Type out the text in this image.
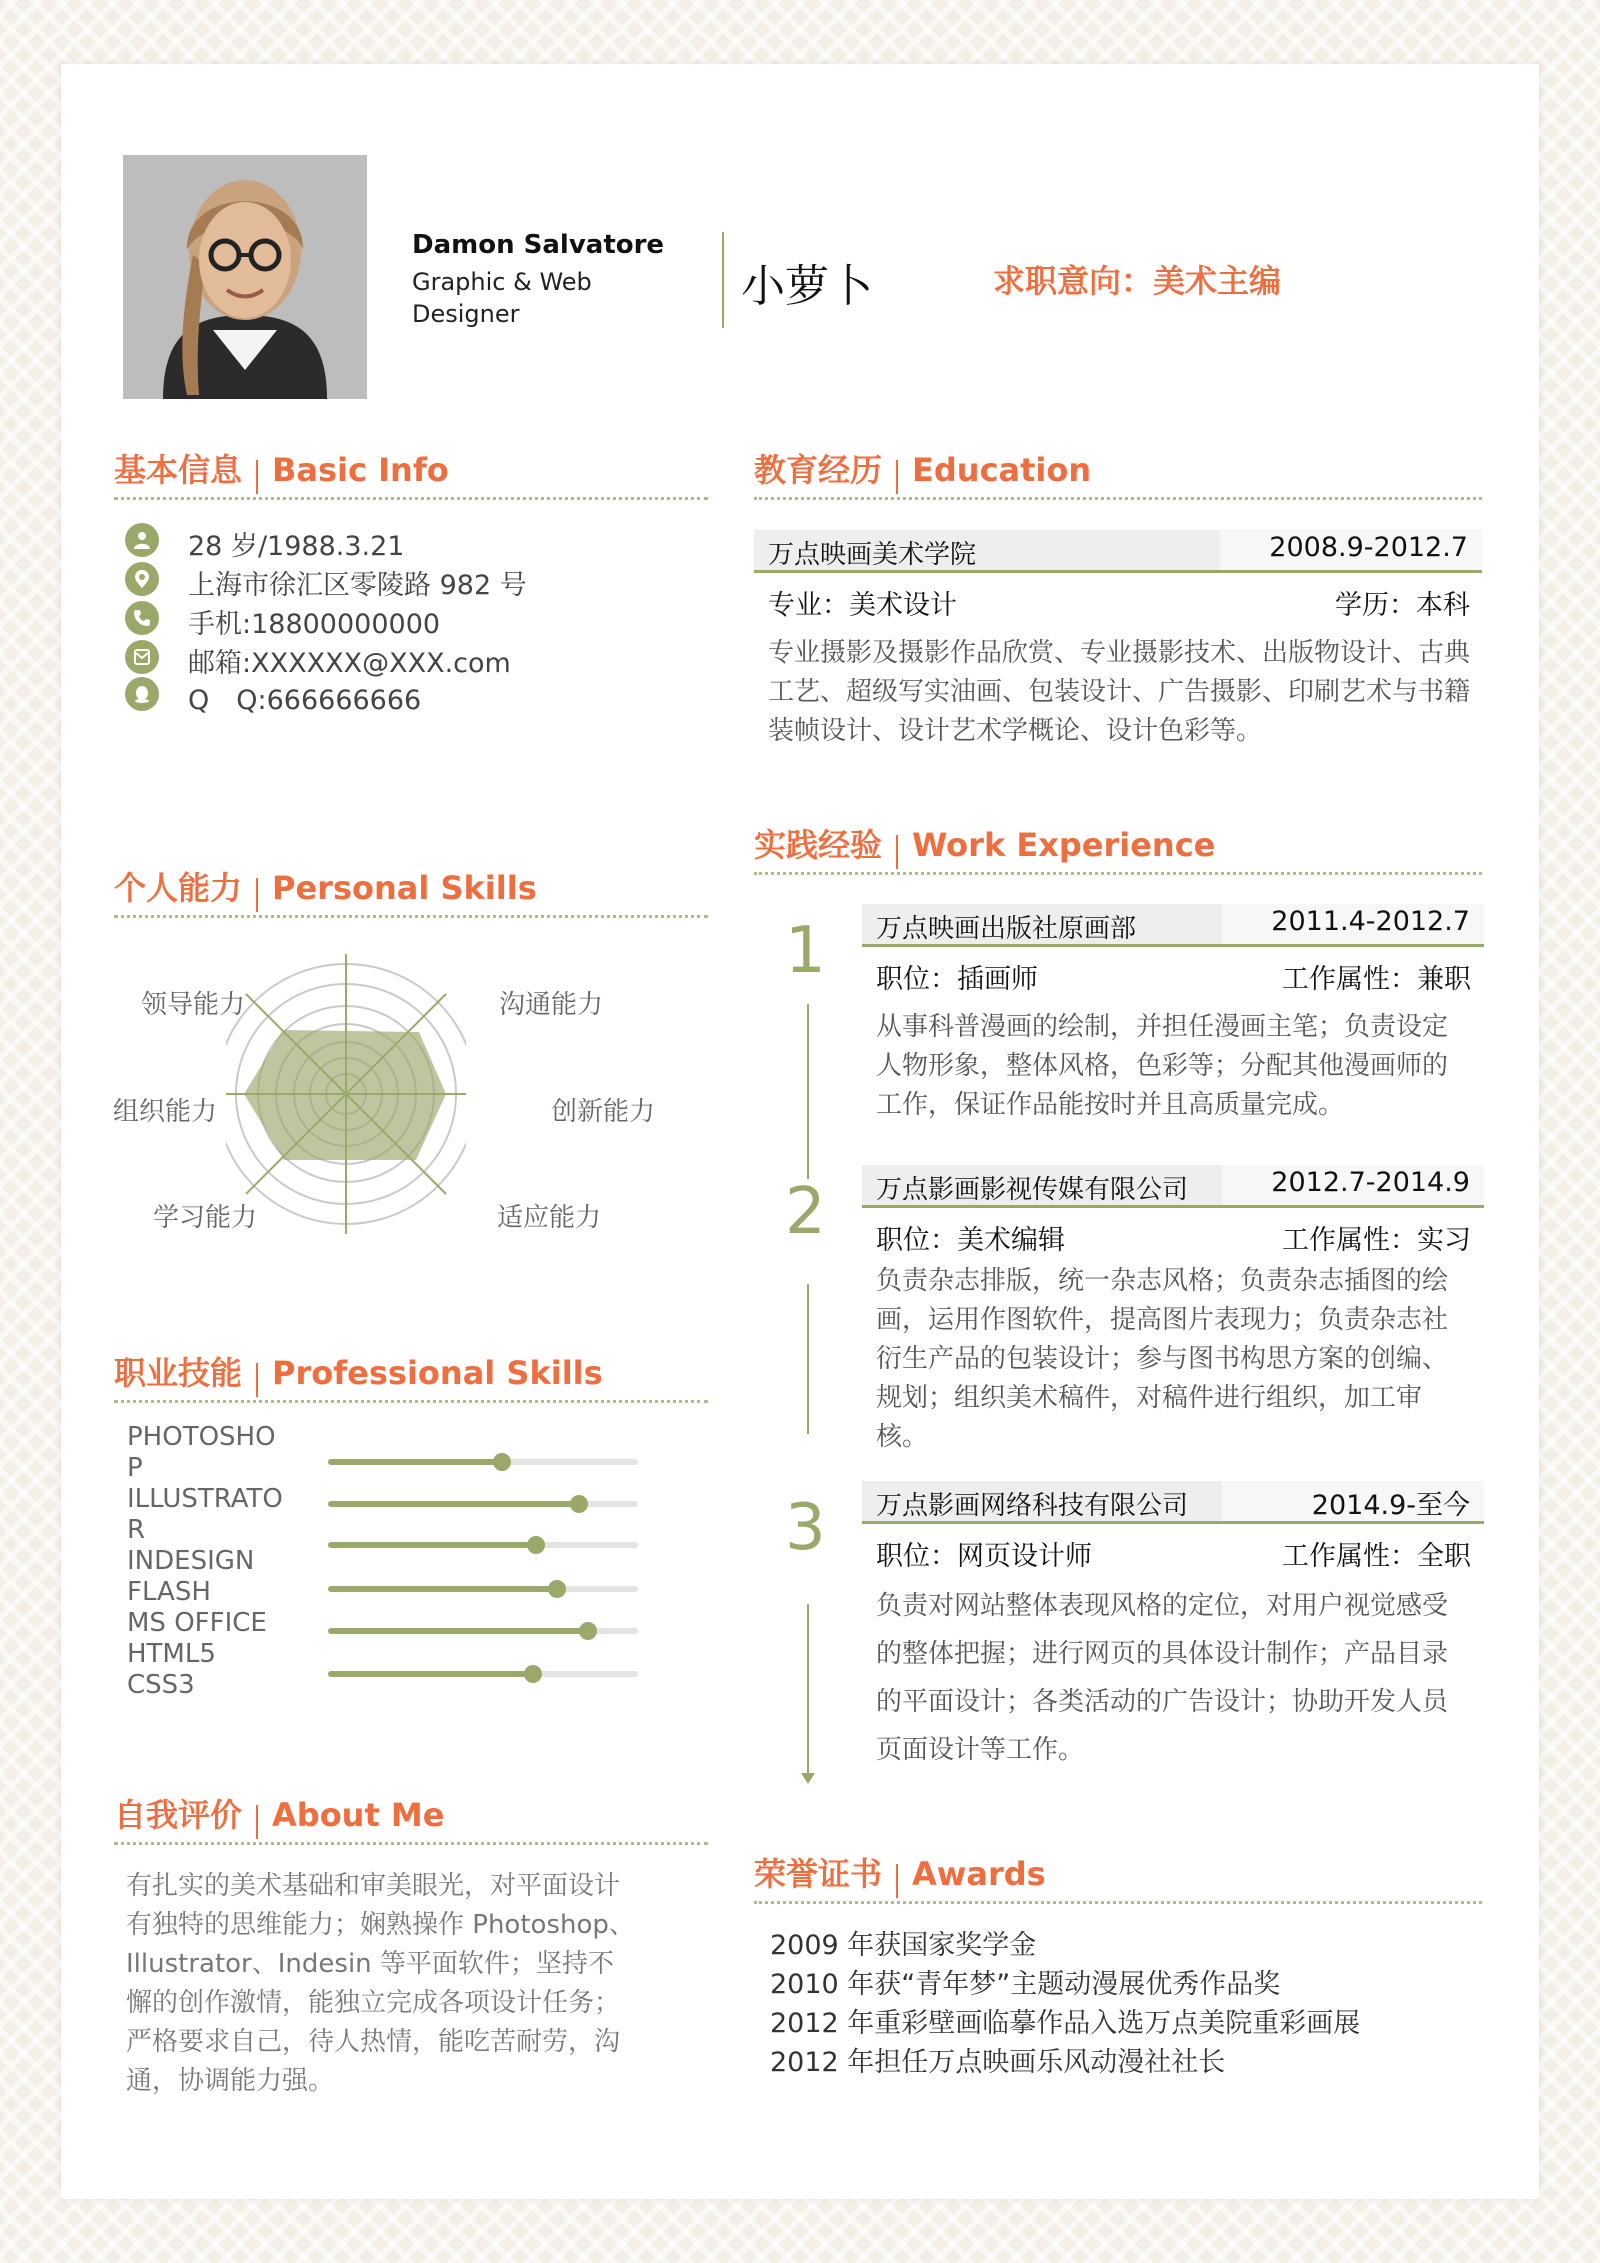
Damon Salvatore
Graphic & Web Designer
小萝卜	求职意向：美术主编
基本信息 Basic Info
28 岁/1988.3.21
上海市徐汇区零陵路 982 号
手机:18800000000
邮箱:XXXXXX@XXX.com
Q　Q:666666666
个人能力 Personal Skills
领导能力	沟通能力
组织能力	创新能力
学习能力	适应能力
职业技能 Professional Skills
PHOTOSHOP
ILLUSTRATOR
INDESIGN
FLASH
MS OFFICE
HTML5
CSS3
自我评价 About Me
有扎实的美术基础和审美眼光，对平面设计
有独特的思维能力；娴熟操作 Photoshop、
Illustrator、Indesin 等平面软件；坚持不
懈的创作激情，能独立完成各项设计任务；
严格要求自己，待人热情，能吃苦耐劳，沟
通，协调能力强。
教育经历 Education
万点映画美术学院	2008.9-2012.7
专业：美术设计	学历：本科
专业摄影及摄影作品欣赏、专业摄影技术、出版物设计、古典
工艺、超级写实油画、包装设计、广告摄影、印刷艺术与书籍
装帧设计、设计艺术学概论、设计色彩等。
实践经验 Work Experience
1
2
3
万点映画出版社原画部	2011.4-2012.7
职位：插画师	工作属性：兼职
从事科普漫画的绘制，并担任漫画主笔；负责设定
人物形象，整体风格，色彩等；分配其他漫画师的
工作，保证作品能按时并且高质量完成。
万点影画影视传媒有限公司	2012.7-2014.9
职位：美术编辑	工作属性：实习
负责杂志排版，统一杂志风格；负责杂志插图的绘
画，运用作图软件，提高图片表现力；负责杂志社
衍生产品的包装设计；参与图书构思方案的创编、
规划；组织美术稿件，对稿件进行组织，加工审
核。
万点影画网络科技有限公司	2014.9-至今
职位：网页设计师	工作属性：全职
负责对网站整体表现风格的定位，对用户视觉感受
的整体把握；进行网页的具体设计制作；产品目录
的平面设计；各类活动的广告设计；协助开发人员
页面设计等工作。
荣誉证书 Awards
2009 年获国家奖学金
2010 年获“青年梦”主题动漫展优秀作品奖
2012 年重彩壁画临摹作品入选万点美院重彩画展
2012 年担任万点映画乐风动漫社社长
